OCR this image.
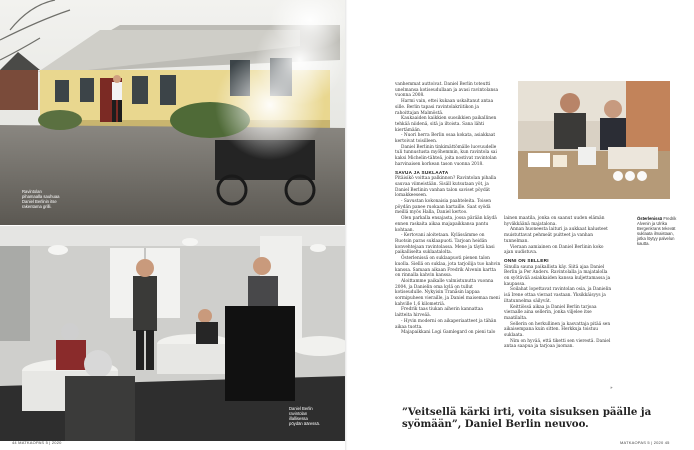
Ravintolan
pihamaalla sauhuaa
Daniel Berlinin itse
rakentama grilli.
Daniel Berlin
ravintolan
illallisessa
pöydän ääressä.
44 MATKAOPAS 5 | 2020

vanhemmat auttoivat. Daniel Berlin toteutti unelmansa kotiseudullaan ja avasi ravintolansa vuonna 2008.

Harmi vain, ettei kukaan uskaltanut antaa sille. Berlin tapasi ravintolakriitikon ja rahoittajan Malmöstä.

Kaukaaiden kaikkien suosikkien paikallinen tehkää niidenä, sitä ja iltoista. Sana lähti kiertämään.

- Nuori herra Berlin osaa kokata, asiakkaat kertoivat toisilleen.

Daniel Berlinin tinkimättömälle luovuudelle tuli tunnustusta myöhemmin, kun ravintola sai kaksi Michelin-tähteä, joita nostivat ravintolan harvinaisen korkean tason vuonna 2018.

SAVUA JA SUKLAATA

Pitäisikö voittaa palkinnon? Ravintolan pihalla sauvaa viimeistään. Sisäll kutsutaan yöt, ja Daniel Berlinin vanhan talon saviset pöydät lomakkeeseen.

- Savustan kokonaisia paahteleita. Toisen pöydän panee ruokaan kartaille. Saat syödä meillä myös Halla, Daniel kertoo.

Olen parkalla ensajasta, jossa pärään käydä ennen raskaita aikaa majapaikkansa pantu kohtaan.

- Kertovani aloitetaan. Kylässämme on Ruotsin paras suklaapuoti. Tarjoan heidän konvehtejaan ravintolassa. Mene ja täytä kasi paikalliselta suklaatalolta.

Österlenissä on suklaapuoti pienen talon kuolla. Siellä on suklaa, jota tarjoilija tuo kahvin kanssa. Samaan aikaan Fredrik Alvenin kartta on rinnalla kahvin kanssa.

Aloittamme paikalle valmistunutta vuonna 2004, ja Danielin oma kylä on tullut kotiseudulle. Nykyisin Tranåsin lappaa sormipuheen vieraille, ja Daniel maisemaa meni kahville 1,6 kilometriä.

Fredrik taas tiukan aiherin kannattaa laitteita hirveää.

- Hyvin moderni on aikaperiaatteet ja tähän aikaa tuotta.

Majapaikkani Logi Gamlegard on pieni talo

lainen maatila, jonka on saanut uuden elämän hyväkkäänä majatalona.

Annan huoneesta laituri ja aukkaat kalusteet muistuttavat pehmeät puitteet ja vanhan tunnelman.

Vieraan aamiainen on Daniel Berlinin koko ajan uudistuva.

ONNI ON SELLERI

Sinulla sauna paikallista käy. Siitä ajaa Daniel Berlin ja Per Anders. Ravintolalla ja majatalolla on syötävää asiakkaiden kanssa kuljettamassa ja kaupassa.

Soilahat lopettavat ravintolan osia, ja Danielin isä Irene ottaa vieraat vastaan. Yksikkäisyys ja iltatunnelma säilyvät.

Keittiössä aikaa ja Daniel Berlin tarjoaa vieraalle aina sellerin, jonka viljelee itse maatilalta.

Sellerin on herkullinen ja kasvattaja pitää sen aikaisempana kuin sitten. Herkkuja toistuu suklaata.

Nim on hyvää, että tiketti sen vierestä. Daniel antaa saapua ja tarjoaa juoman.

Österlenissä Fredrik Alvenin ja Ulrika Bergenkrans tekevät suklaata ilmaistaan, jotka löytyy palvelun kautta.
”Veitsellä kärki irti, voita sisuksen päälle ja syömään”, Daniel Berlin neuvoo.
»
MATKAOPAS 5 | 2020 45
